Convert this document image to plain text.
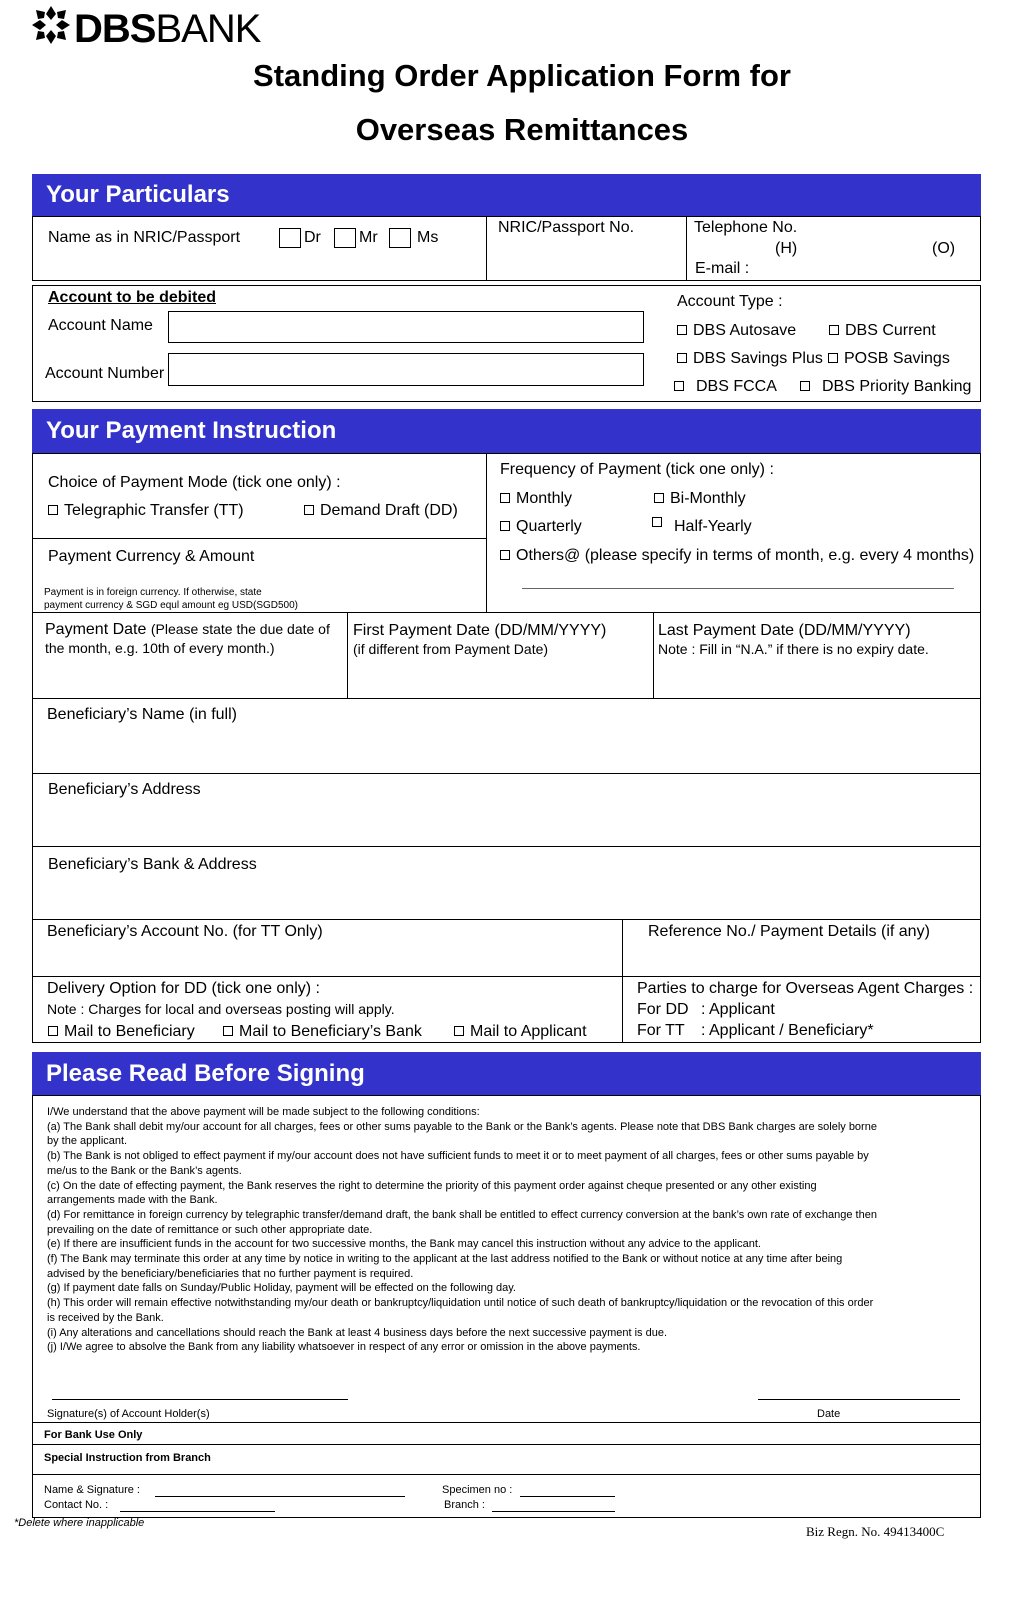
DBSBANK
Standing Order Application Form for
Overseas Remittances
Your Particulars
Name as in NRIC/Passport	Dr Mr Ms
NRIC/Passport No.	Telephone No.
(H)	(O)
E-mail :
Account to be debited
Account Name
Account Number
Account Type :
DBS Autosave	DBS Current
DBS Savings Plus	POSB Savings
DBS FCCA	DBS Priority Banking
Your Payment Instruction
Choice of Payment Mode (tick one only) :
Telegraphic Transfer (TT)	Demand Draft (DD)
Payment Currency & Amount
Payment is in foreign currency. If otherwise, state
payment currency & SGD equl amount eg USD(SGD500)
Frequency of Payment (tick one only) :
Monthly	Bi-Monthly
Quarterly	Half-Yearly
Others@ (please specify in terms of month, e.g. every 4 months)
Payment Date (Please state the due date of
the month, e.g. 10th of every month.)
First Payment Date (DD/MM/YYYY)
(if different from Payment Date)
Last Payment Date (DD/MM/YYYY)
Note : Fill in “N.A.” if there is no expiry date.
Beneficiary’s Name (in full)
Beneficiary’s Address
Beneficiary’s Bank & Address
Beneficiary’s Account No. (for TT Only)	Reference No./ Payment Details (if any)
Delivery Option for DD (tick one only) :
Note : Charges for local and overseas posting will apply.
Mail to Beneficiary	Mail to Beneficiary’s Bank	Mail to Applicant
Parties to charge for Overseas Agent Charges :
For DD : Applicant
For TT : Applicant / Beneficiary*
Please Read Before Signing
I/We understand that the above payment will be made subject to the following conditions:
(a) The Bank shall debit my/our account for all charges, fees or other sums payable to the Bank or the Bank’s agents. Please note that DBS Bank charges are solely borne
by the applicant.
(b) The Bank is not obliged to effect payment if my/our account does not have sufficient funds to meet it or to meet payment of all charges, fees or other sums payable by
me/us to the Bank or the Bank’s agents.
(c) On the date of effecting payment, the Bank reserves the right to determine the priority of this payment order against cheque presented or any other existing
arrangements made with the Bank.
(d) For remittance in foreign currency by telegraphic transfer/demand draft, the bank shall be entitled to effect currency conversion at the bank’s own rate of exchange then
prevailing on the date of remittance or such other appropriate date.
(e) If there are insufficient funds in the account for two successive months, the Bank may cancel this instruction without any advice to the applicant.
(f) The Bank may terminate this order at any time by notice in writing to the applicant at the last address notified to the Bank or without notice at any time after being
advised by the beneficiary/beneficiaries that no further payment is required.
(g) If payment date falls on Sunday/Public Holiday, payment will be effected on the following day.
(h) This order will remain effective notwithstanding my/our death or bankruptcy/liquidation until notice of such death of bankruptcy/liquidation or the revocation of this order
is received by the Bank.
(i) Any alterations and cancellations should reach the Bank at least 4 business days before the next successive payment is due.
(j) I/We agree to absolve the Bank from any liability whatsoever in respect of any error or omission in the above payments.
Signature(s) of Account Holder(s)	Date
For Bank Use Only
Special Instruction from Branch
Name & Signature :
Contact No. :
Specimen no :
Branch :
*Delete where inapplicable
Biz Regn. No. 49413400C
